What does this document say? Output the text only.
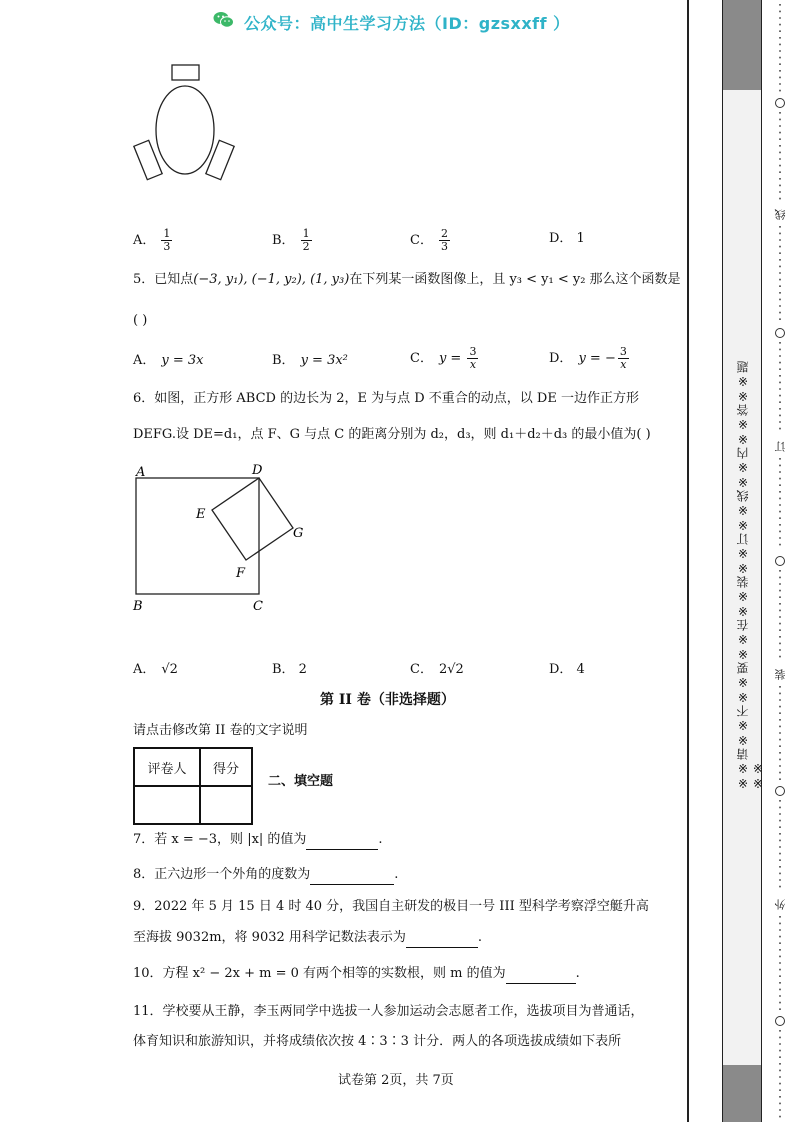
公众号：高中生学习方法（ID：gzsxxff ）
A． $\frac{1}{3}$	B． $\frac{1}{2}$	C． $\frac{2}{3}$	D． 1
5．已知点(−3, y₁), (−1, y₂), (1, y₃)在下列某一函数图像上，且 y₃ < y₁ < y₂ 那么这个函数是
( )
A． y = 3x	B． y = 3x²	C． $y = \frac{3}{x}$	D． y = − $\frac{3}{x}$
6．如图，正方形 ABCD 的边长为 2，E 为与点 D 不重合的动点，以 DE 一边作正方形
DEFG.设 DE=d₁，点 F、G 与点 C 的距离分别为 d₂，d₃，则 d₁＋d₂＋d₃ 的最小值为( )
A	D
E
G
F
B	C
A． √2	B． 2	C． 2√2	D． 4
第 II 卷（非选择题）
请点击修改第 II 卷的文字说明
评卷人	得分

二、填空题
7．若 x = −3，则 |x| 的值为	.
8．正六边形一个外角的度数为	.
9．2022 年 5 月 15 日 4 时 40 分，我国自主研发的极目一号 III 型科学考察浮空艇升高
至海拔 9032m，将 9032 用科学记数法表示为	.
10．方程 x² − 2x + m = 0 有两个相等的实数根，则 m 的值为	.
11．学校要从王静，李玉两同学中选拔一人参加运动会志愿者工作，选拔项目为普通话，
体育知识和旅游知识，并将成绩依次按 4∶3∶3 计分．两人的各项选拔成绩如下表所
试卷第 2页，共 7页
※※请※※不※※要※※在※※装※※订※※线※※内※※答※※题※※
线
订
装
外
